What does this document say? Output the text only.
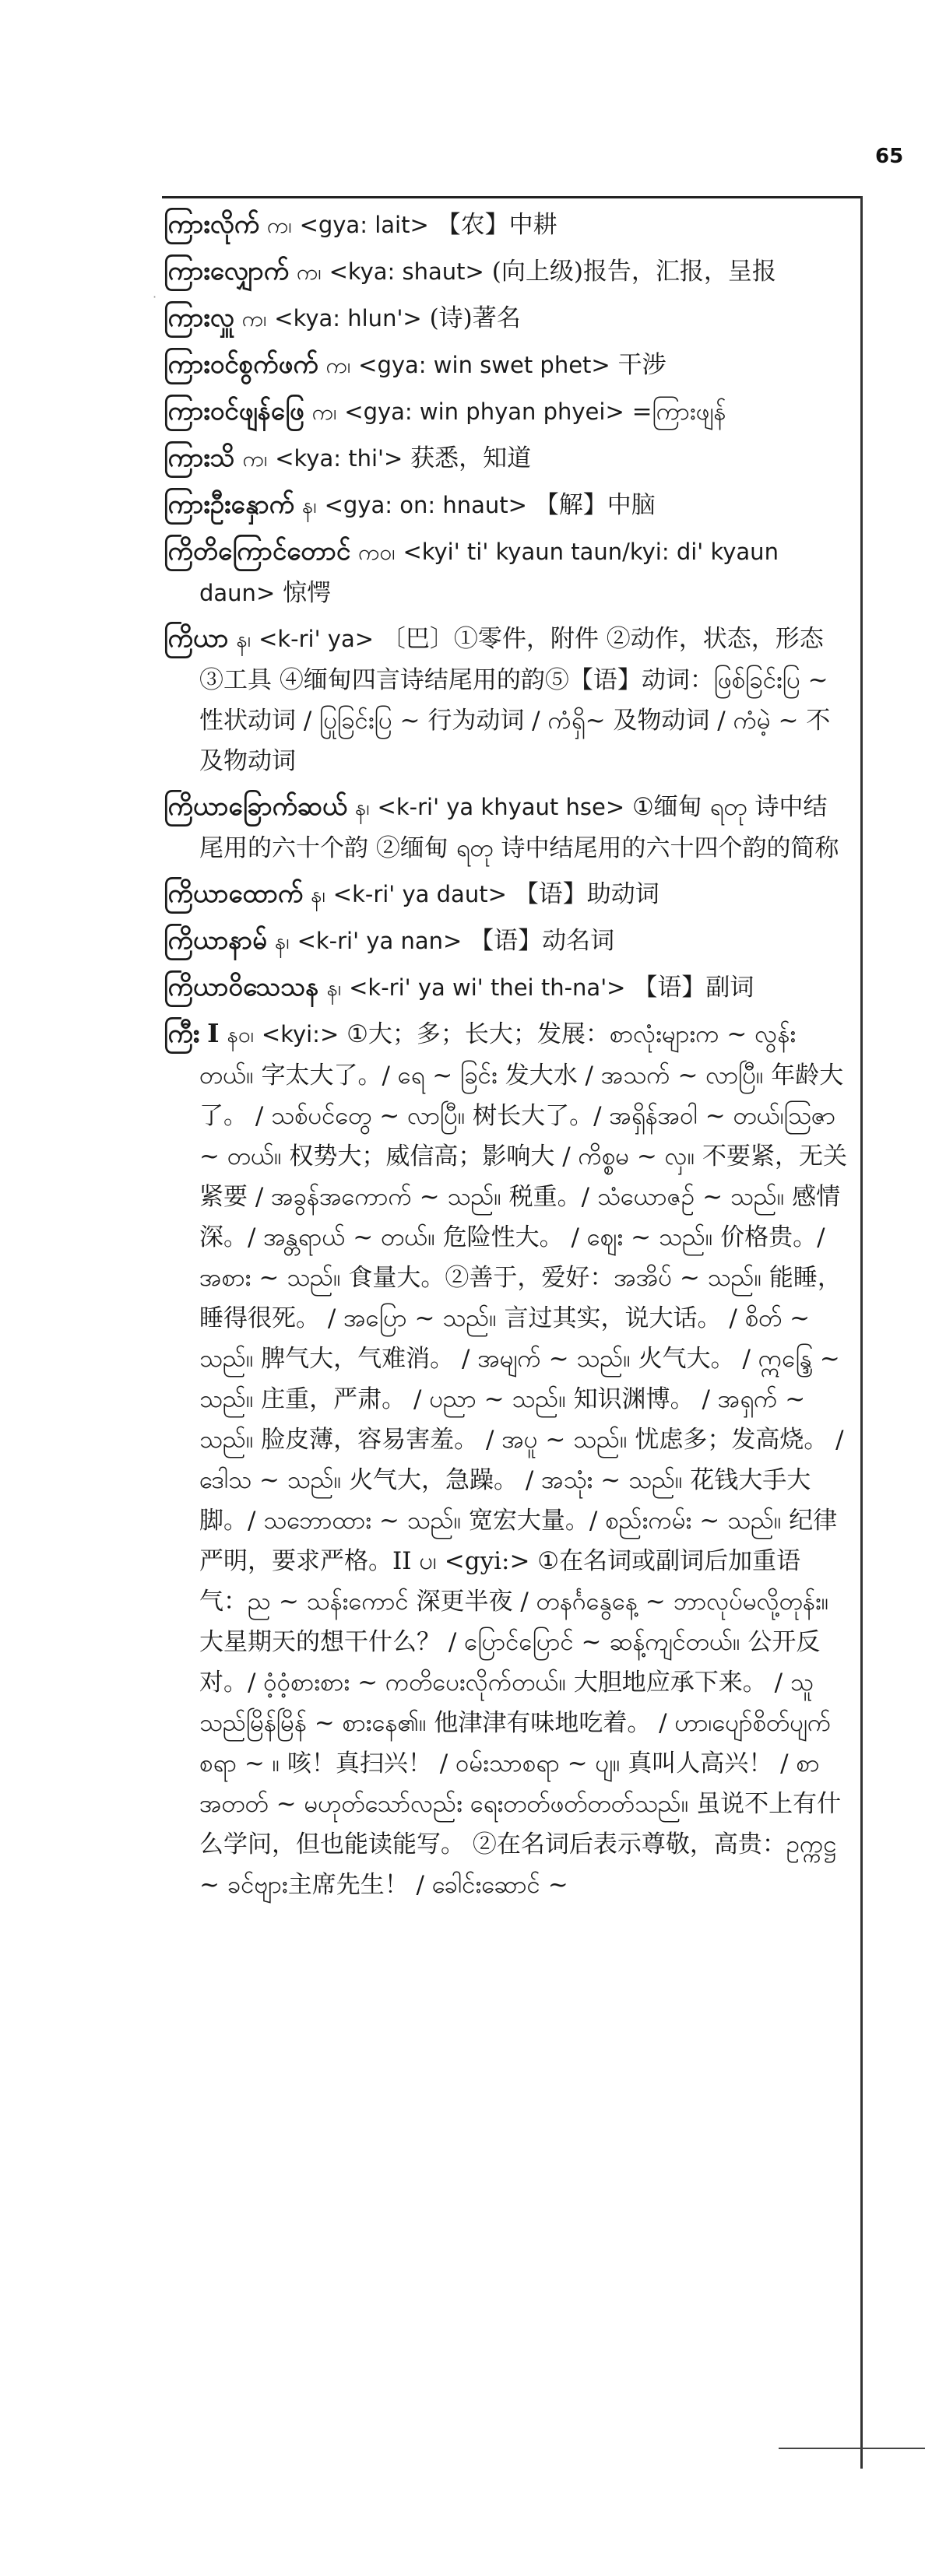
65
·

ကြားလိုက် က၊ <gya: lait> 【农】中耕

ကြားလျှောက် က၊ <kya: shaut> (向上级)报告，汇报，呈报

ကြားလှူ က၊ <kya: hlun'> (诗)著名

ကြားဝင်စွက်ဖက် က၊ <gya: win swet phet> 干涉

ကြားဝင်ဖျန်ဖြေ က၊ <gya: win phyan phyei> =ကြားဖျန်

ကြားသိ က၊ <kya: thi'> 获悉，知道

ကြားဦးနှောက် န၊ <gya: on: hnaut> 【解】中脑

ကြိတိကြောင်တောင် ကဝ၊ <kyi' ti' kyaun taun/kyi: di' kyaun daun> 惊愕

ကြိယာ န၊ <k-ri' ya> 〔巴〕①零件，附件 ②动作，状态，形态 ③工具 ④缅甸四言诗结尾用的韵⑤【语】动词：ဖြစ်ခြင်းပြ ~ 性状动词 / ပြုခြင်းပြ ~ 行为动词 / ကံရှိ~ 及物动词 / ကံမဲ့ ~ 不及物动词

ကြိယာခြောက်ဆယ် န၊ <k-ri' ya khyaut hse> ①缅甸 ရတု 诗中结尾用的六十个韵 ②缅甸 ရတု 诗中结尾用的六十四个韵的简称

ကြိယာထောက် န၊ <k-ri' ya daut> 【语】助动词

ကြိယာနာမ် န၊ <k-ri' ya nan> 【语】动名词

ကြိယာဝိသေသန န၊ <k-ri' ya wi' thei th-na'> 【语】副词

ကြီး I နဝ၊ <kyi:> ①大；多；长大；发展：စာလုံးများက ~ လွန်းတယ်။ 字太大了。/ ရေ ~ ခြင်း 发大水 / အသက် ~ လာပြီ။ 年龄大了。 / သစ်ပင်တွေ ~ လာပြီ။ 树长大了。/ အရှိန်အဝါ ~ တယ်၊သြဇာ ~ တယ်။ 权势大；威信高；影响大 / ကိစ္စမ ~ လှ။ 不要紧，无关紧要 / အခွန်အကောက် ~ သည်။ 税重。/ သံယောဇဉ် ~ သည်။ 感情深。/ အန္တရာယ် ~ တယ်။ 危险性大。 / ဈေး ~ သည်။ 价格贵。/ အစား ~ သည်။ 食量大。②善于，爱好：အအိပ် ~ သည်။ 能睡，睡得很死。 / အပြော ~ သည်။ 言过其实，说大话。 / စိတ် ~ သည်။ 脾气大，气难消。 / အမျက် ~ သည်။ 火气大。 / ဣန္ဒြေ ~ သည်။ 庄重，严肃。 / ပညာ ~ သည်။ 知识渊博。 / အရှက် ~ သည်။ 脸皮薄，容易害羞。 / အပူ ~ သည်။ 忧虑多；发高烧。 / ဒေါသ ~ သည်။ 火气大，急躁。 / အသုံး ~ သည်။ 花钱大手大脚。/ သဘောထား ~ သည်။ 宽宏大量。/ စည်းကမ်း ~ သည်။ 纪律严明，要求严格。II ပ၊ <gyi:> ①在名词或副词后加重语气：ည ~ သန်းကောင် 深更半夜 / တနင်္ဂနွေနေ့ ~ ဘာလုပ်မလို့တုန်း။ 大星期天的想干什么？ / ပြောင်ပြောင် ~ ဆန့်ကျင်တယ်။ 公开反对。/ ဝံ့ဝံ့စားစား ~ ကတိပေးလိုက်တယ်။ 大胆地应承下来。 / သူသည်မြိန်မြိန် ~ စားနေ၏။ 他津津有味地吃着。 / ဟာ၊ပျော်စိတ်ပျက်စရာ ~ ။ 咳！真扫兴！ / ဝမ်းသာစရာ ~ ပျ။ 真叫人高兴！ / စာအတတ် ~ မဟုတ်သော်လည်း ရေးတတ်ဖတ်တတ်သည်။ 虽说不上有什么学问，但也能读能写。 ②在名词后表示尊敬，高贵：ဥက္ကဋ္ဌ ~ ခင်ဗျား主席先生！ / ခေါင်းဆောင် ~
